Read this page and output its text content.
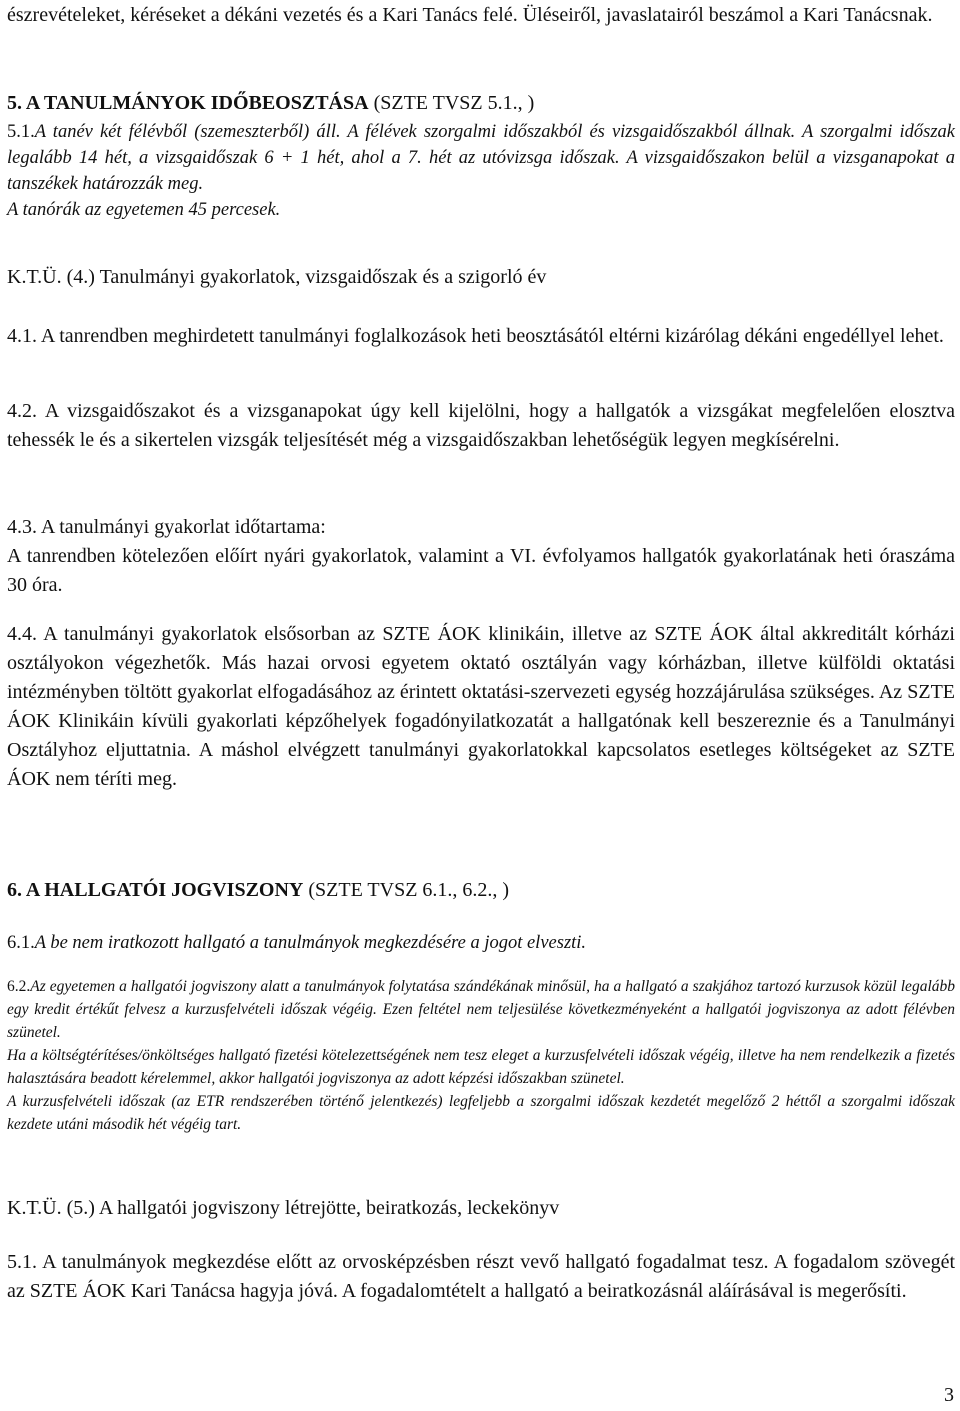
észrevételeket, kéréseket a dékáni vezetés és a Kari Tanács felé. Üléseiről, javaslatairól beszámol a Kari Tanácsnak.

5. A TANULMÁNYOK IDŐBEOSZTÁSA (SZTE TVSZ 5.1., )

5.1.A tanév két félévből (szemeszterből) áll. A félévek szorgalmi időszakból és vizsgaidőszakból állnak. A szorgalmi időszak legalább 14 hét, a vizsgaidőszak 6 + 1 hét, ahol a 7. hét az utóvizsga időszak. A vizsgaidőszakon belül a vizsganapokat a tanszékek határozzák meg.

A tanórák az egyetemen 45 percesek.

K.T.Ü. (4.) Tanulmányi gyakorlatok, vizsgaidőszak és a szigorló év

4.1. A tanrendben meghirdetett tanulmányi foglalkozások heti beosztásától eltérni kizárólag dékáni engedéllyel lehet.

4.2. A vizsgaidőszakot és a vizsganapokat úgy kell kijelölni, hogy a hallgatók a vizsgákat megfelelően elosztva tehessék le és a sikertelen vizsgák teljesítését még a vizsgaidőszakban lehetőségük legyen megkísérelni.

4.3. A tanulmányi gyakorlat időtartama:

A tanrendben kötelezően előírt nyári gyakorlatok, valamint a VI. évfolyamos hallgatók gyakorlatának heti óraszáma 30 óra.

4.4. A tanulmányi gyakorlatok elsősorban az SZTE ÁOK klinikáin, illetve az SZTE ÁOK által akkreditált kórházi osztályokon végezhetők. Más hazai orvosi egyetem oktató osztályán vagy kórházban, illetve külföldi oktatási intézményben töltött gyakorlat elfogadásához az érintett oktatási-szervezeti egység hozzájárulása szükséges. Az SZTE ÁOK Klinikáin kívüli gyakorlati képzőhelyek fogadónyilatkozatát a hallgatónak kell beszereznie és a Tanulmányi Osztályhoz eljuttatnia. A máshol elvégzett tanulmányi gyakorlatokkal kapcsolatos esetleges költségeket az SZTE ÁOK nem téríti meg.

6. A HALLGATÓI JOGVISZONY (SZTE TVSZ 6.1., 6.2., )

6.1.A be nem iratkozott hallgató a tanulmányok megkezdésére a jogot elveszti.

6.2.Az egyetemen a hallgatói jogviszony alatt a tanulmányok folytatása szándékának minősül, ha a hallgató a szakjához tartozó kurzusok közül legalább egy kredit értékűt felvesz a kurzusfelvételi időszak végéig. Ezen feltétel nem teljesülése következményeként a hallgatói jogviszonya az adott félévben szünetel.

Ha a költségtérítéses/önköltséges hallgató fizetési kötelezettségének nem tesz eleget a kurzusfelvételi időszak végéig, illetve ha nem rendelkezik a fizetés halasztására beadott kérelemmel, akkor hallgatói jogviszonya az adott képzési időszakban szünetel.

A kurzusfelvételi időszak (az ETR rendszerében történő jelentkezés) legfeljebb a szorgalmi időszak kezdetét megelőző 2 héttől a szorgalmi időszak kezdete utáni második hét végéig tart.

K.T.Ü. (5.) A hallgatói jogviszony létrejötte, beiratkozás, leckekönyv

5.1. A tanulmányok megkezdése előtt az orvosképzésben részt vevő hallgató fogadalmat tesz. A fogadalom szövegét az SZTE ÁOK Kari Tanácsa hagyja jóvá. A fogadalomtételt a hallgató a beiratkozásnál aláírásával is megerősíti.

3
